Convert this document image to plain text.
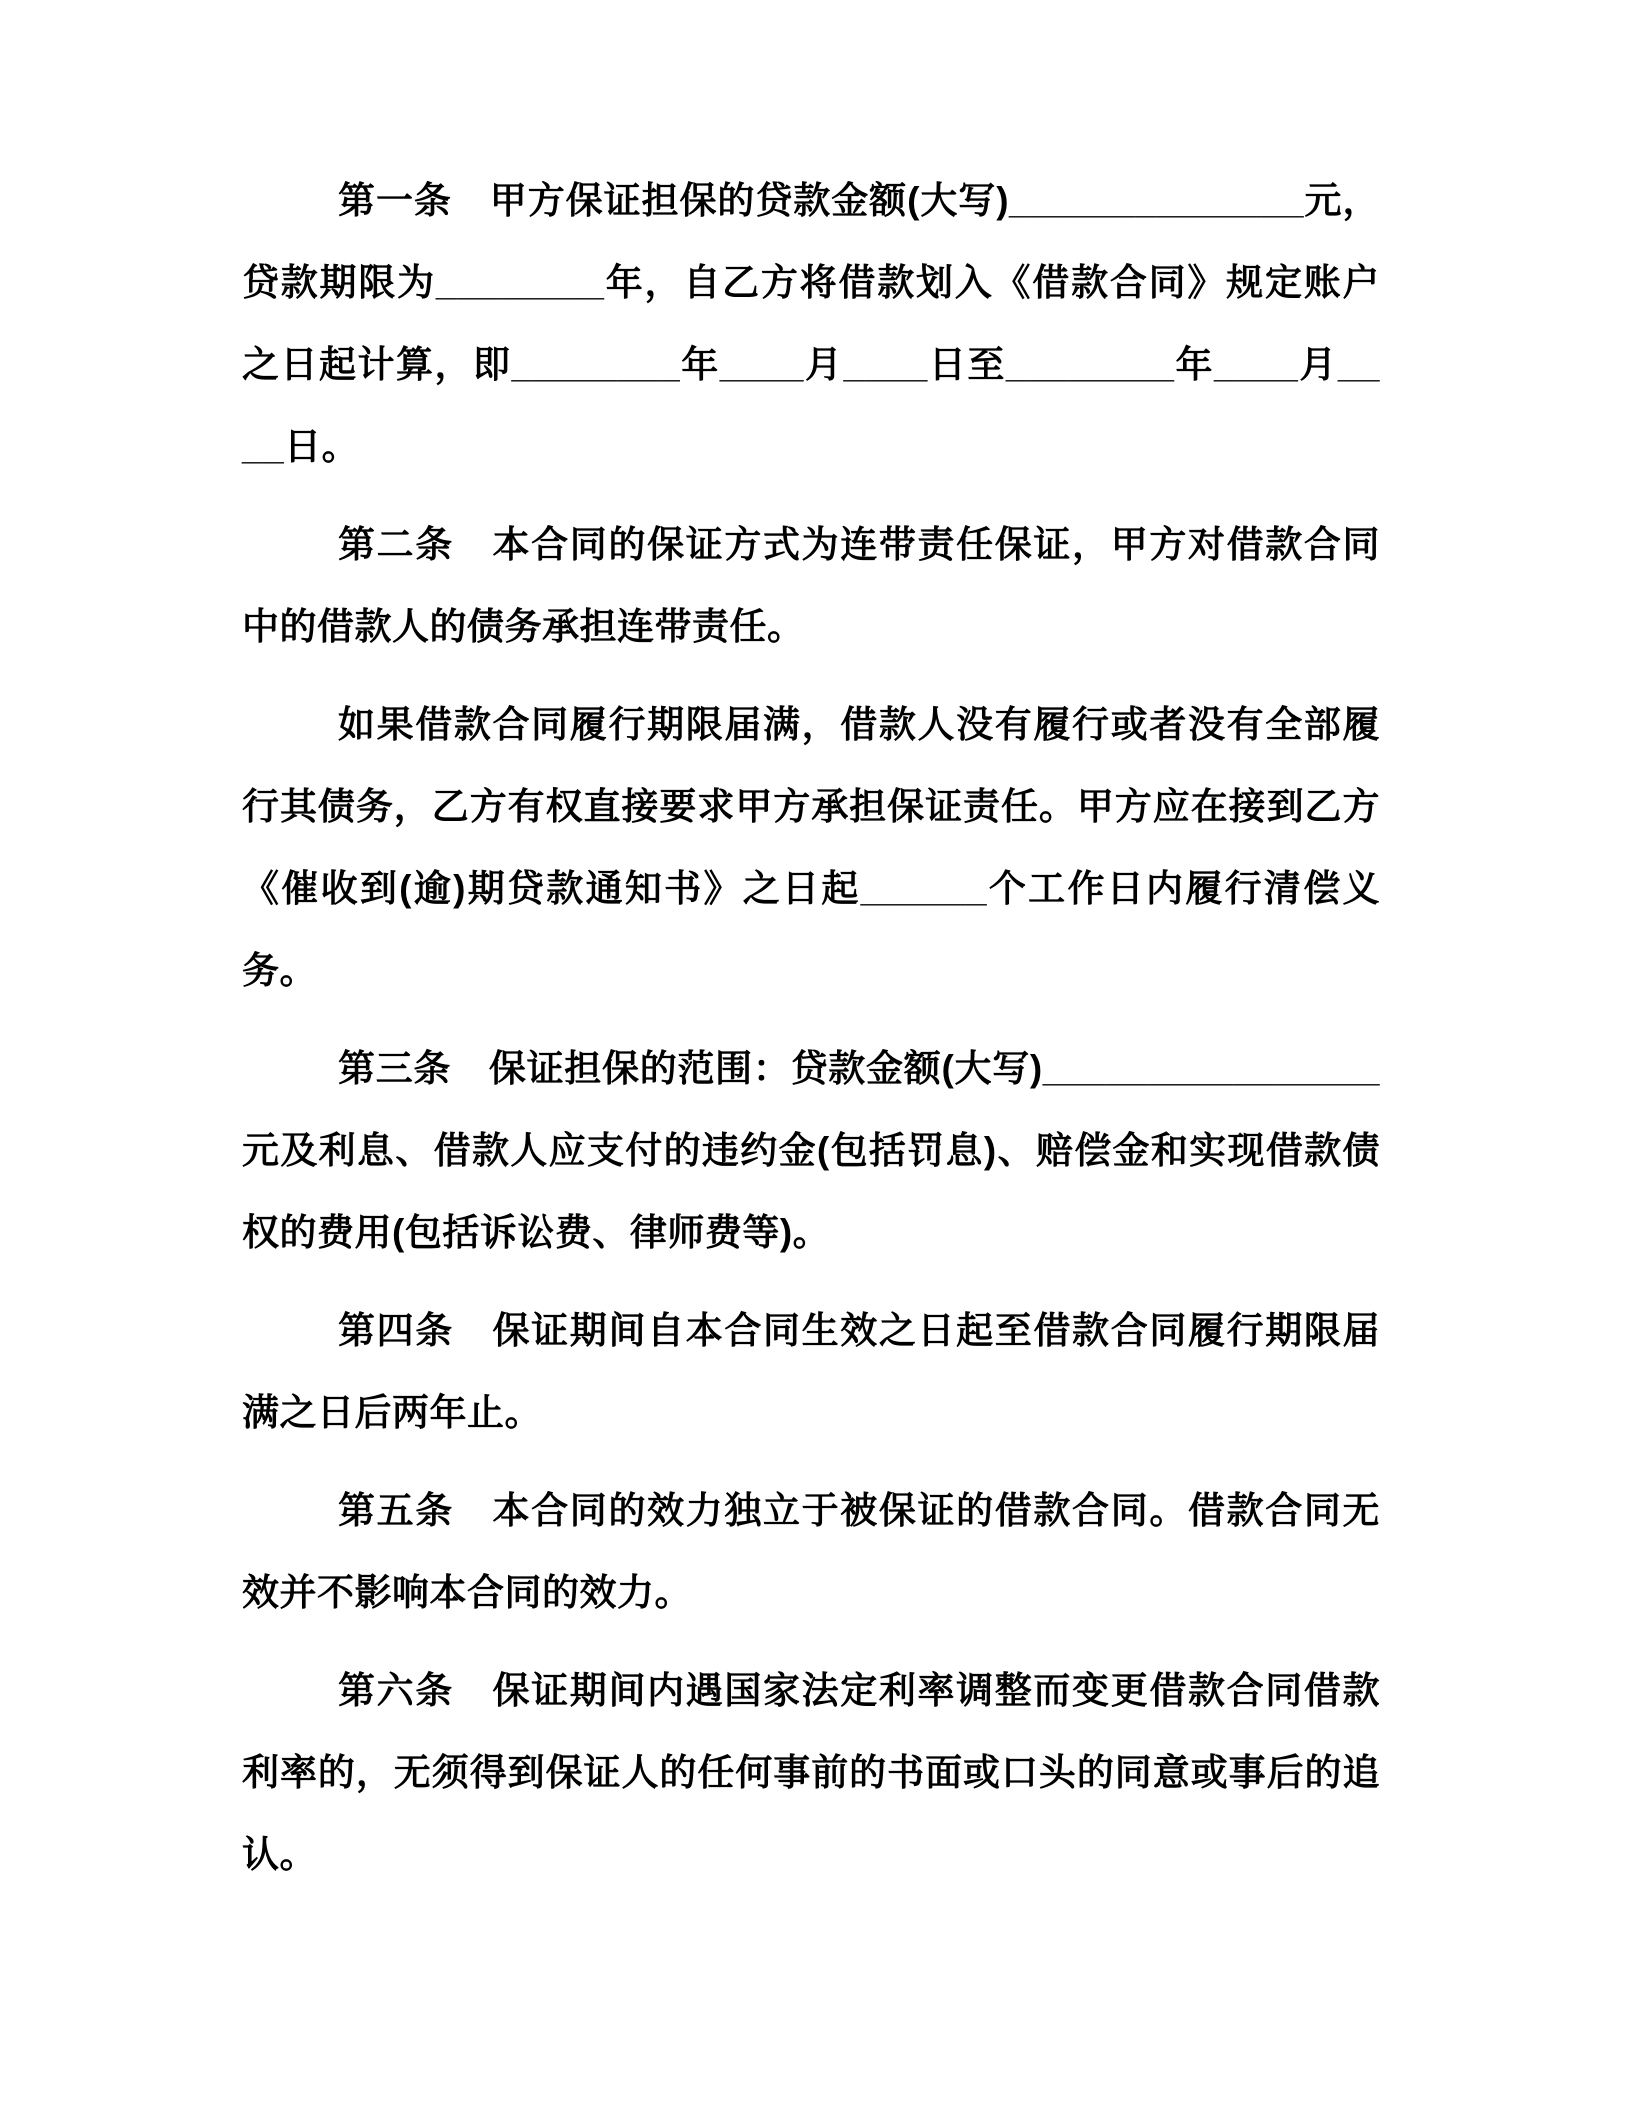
第一条　甲方保证担保的贷款金额(大写)______________元，贷款期限为________年，自乙方将借款划入《借款合同》规定账户之日起计算，即________年____月____日至________年____月____日。

第二条　本合同的保证方式为连带责任保证，甲方对借款合同中的借款人的债务承担连带责任。

如果借款合同履行期限届满，借款人没有履行或者没有全部履行其债务，乙方有权直接要求甲方承担保证责任。甲方应在接到乙方《催收到(逾)期贷款通知书》之日起______个工作日内履行清偿义务。

第三条　保证担保的范围：贷款金额(大写)________________元及利息、借款人应支付的违约金(包括罚息)、赔偿金和实现借款债权的费用(包括诉讼费、律师费等)。

第四条　保证期间自本合同生效之日起至借款合同履行期限届满之日后两年止。

第五条　本合同的效力独立于被保证的借款合同。借款合同无效并不影响本合同的效力。

第六条　保证期间内遇国家法定利率调整而变更借款合同借款利率的，无须得到保证人的任何事前的书面或口头的同意或事后的追认。
